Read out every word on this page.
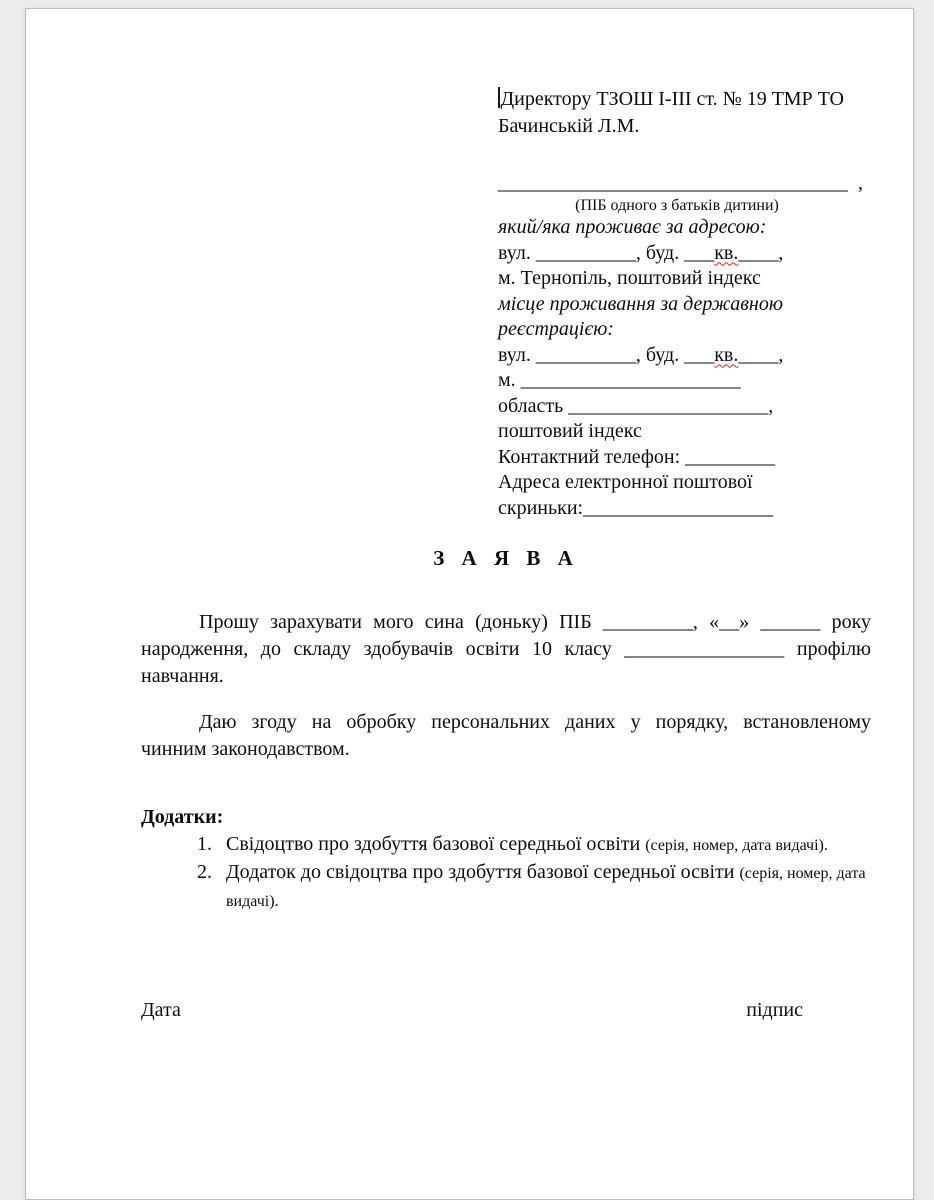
Директору ТЗОШ І-ІІІ ст. № 19 ТМР ТО
Бачинській Л.М.
___________________________________  ,
(ПІБ одного з батьків дитини)
який/яка проживає за адресою:
вул. __________, буд. ___кв.____,
м. Тернопіль, поштовий індекс
місце проживання за державною
реєстрацією:
вул. __________, буд. ___кв.____,
м. ______________________
область ____________________,
поштовий індекс
Контактний телефон: _________
Адреса електронної поштової
скриньки:___________________
З А Я В А
Прошу зарахувати мого сина (доньку) ПІБ _________, «__» ______ року
народження, до складу здобувачів освіти 10 класу ________________ профілю
навчання.
Даю згоду на обробку персональних даних у порядку, встановленому
чинним законодавством.
Додатки:
1. Свідоцтво про здобуття базової середньої освіти (серія, номер, дата видачі).
2. Додаток до свідоцтва про здобуття базової середньої освіти (серія, номер, дата видачі).
Дата	підпис
